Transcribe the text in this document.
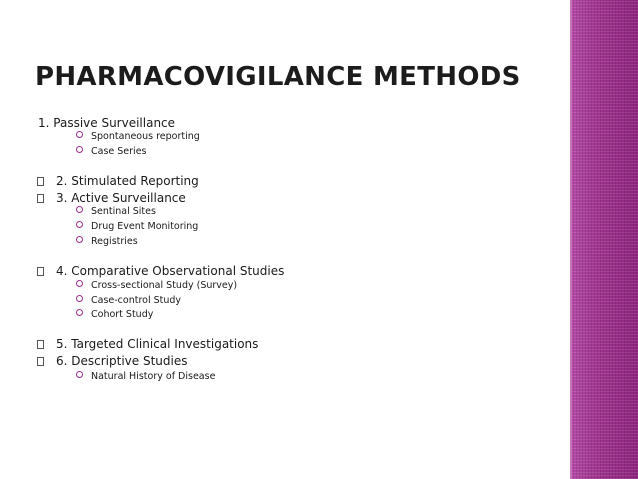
PHARMACOVIGILANCE METHODS
1. Passive Surveillance
Spontaneous reporting
Case Series
2. Stimulated Reporting
3. Active Surveillance
Sentinal Sites
Drug Event Monitoring
Registries
4. Comparative Observational Studies
Cross-sectional Study (Survey)
Case-control Study
Cohort Study
5. Targeted Clinical Investigations
6. Descriptive Studies
Natural History of Disease
